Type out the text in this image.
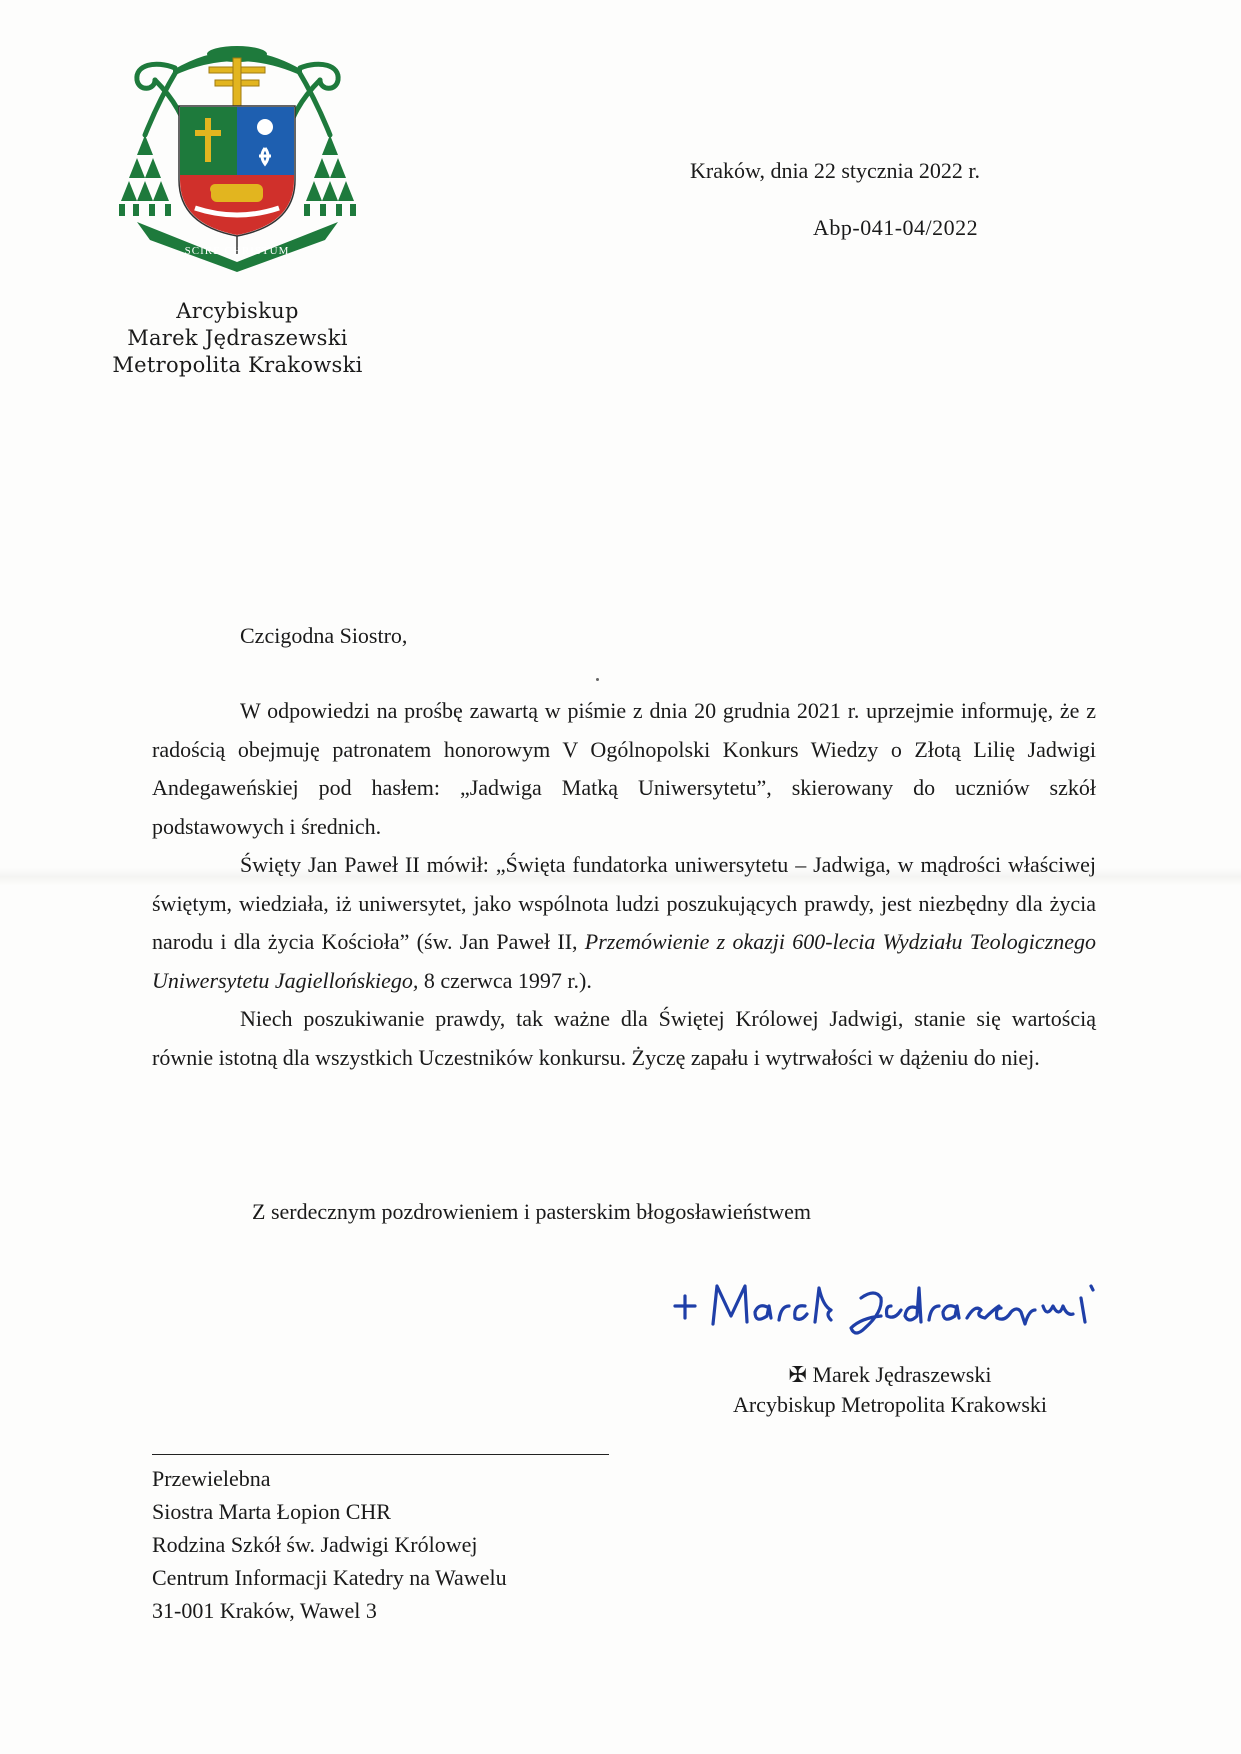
SCIRE CHRISTUM
Arcybiskup
Marek Jędraszewski
Metropolita Krakowski
Kraków, dnia 22 stycznia 2022 r.
Abp-041-04/2022
Czcigodna Siostro,

W odpowiedzi na prośbę zawartą w piśmie z dnia 20 grudnia 2021 r. uprzejmie informuję, że z radością obejmuję patronatem honorowym V Ogólnopolski Konkurs Wiedzy o Złotą Lilię Jadwigi Andegaweńskiej pod hasłem: „Jadwiga Matką Uniwersytetu”, skierowany do uczniów szkół podstawowych i średnich.

Święty Jan Paweł II mówił: „Święta fundatorka uniwersytetu – Jadwiga, w mądrości właściwej świętym, wiedziała, iż uniwersytet, jako wspólnota ludzi poszukujących prawdy, jest niezbędny dla życia narodu i dla życia Kościoła” (św. Jan Paweł II, Przemówienie z okazji 600-lecia Wydziału Teologicznego Uniwersytetu Jagiellońskiego, 8 czerwca 1997 r.).

Niech poszukiwanie prawdy, tak ważne dla Świętej Królowej Jadwigi, stanie się wartością równie istotną dla wszystkich Uczestników konkursu. Życzę zapału i wytrwałości w dążeniu do niej.

Z serdecznym pozdrowieniem i pasterskim błogosławieństwem
✠ Marek Jędraszewski
Arcybiskup Metropolita Krakowski
Przewielebna
Siostra Marta Łopion CHR
Rodzina Szkół św. Jadwigi Królowej
Centrum Informacji Katedry na Wawelu
31-001 Kraków, Wawel 3
